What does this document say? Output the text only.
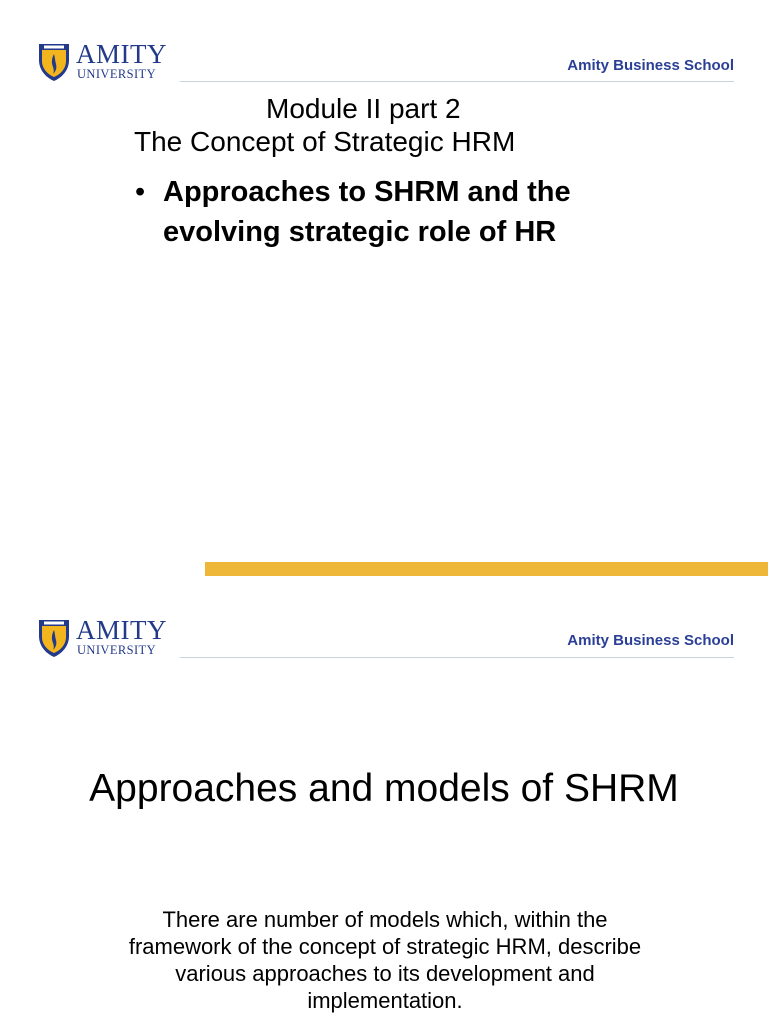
AMITY
UNIVERSITY	Amity Business School
Module II part 2
The Concept of Strategic HRM
• Approaches to SHRM and the evolving strategic role of HR
AMITY
UNIVERSITY
Amity Business School
Approaches and models of SHRM
There are number of models which, within the framework of the concept of strategic HRM, describe various approaches to its development and implementation.
